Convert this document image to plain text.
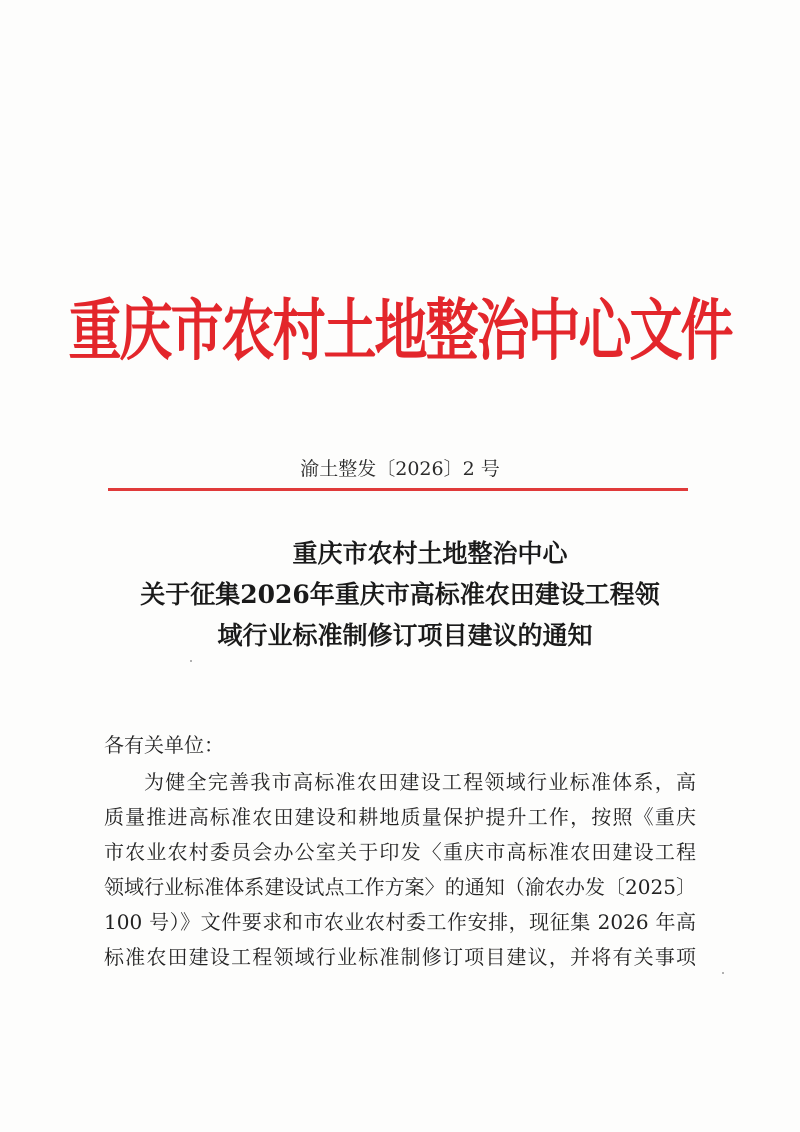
重庆市农村土地整治中心文件
渝土整发〔2026〕2 号
重庆市农村土地整治中心
关于征集2026年重庆市高标准农田建设工程领
域行业标准制修订项目建议的通知
各有关单位：
为健全完善我市高标准农田建设工程领域行业标准体系，高
质量推进高标准农田建设和耕地质量保护提升工作，按照《重庆
市农业农村委员会办公室关于印发〈重庆市高标准农田建设工程
领域行业标准体系建设试点工作方案〉的通知（渝农办发〔2025〕
100 号）》文件要求和市农业农村委工作安排，现征集 2026 年高
标准农田建设工程领域行业标准制修订项目建议，并将有关事项
